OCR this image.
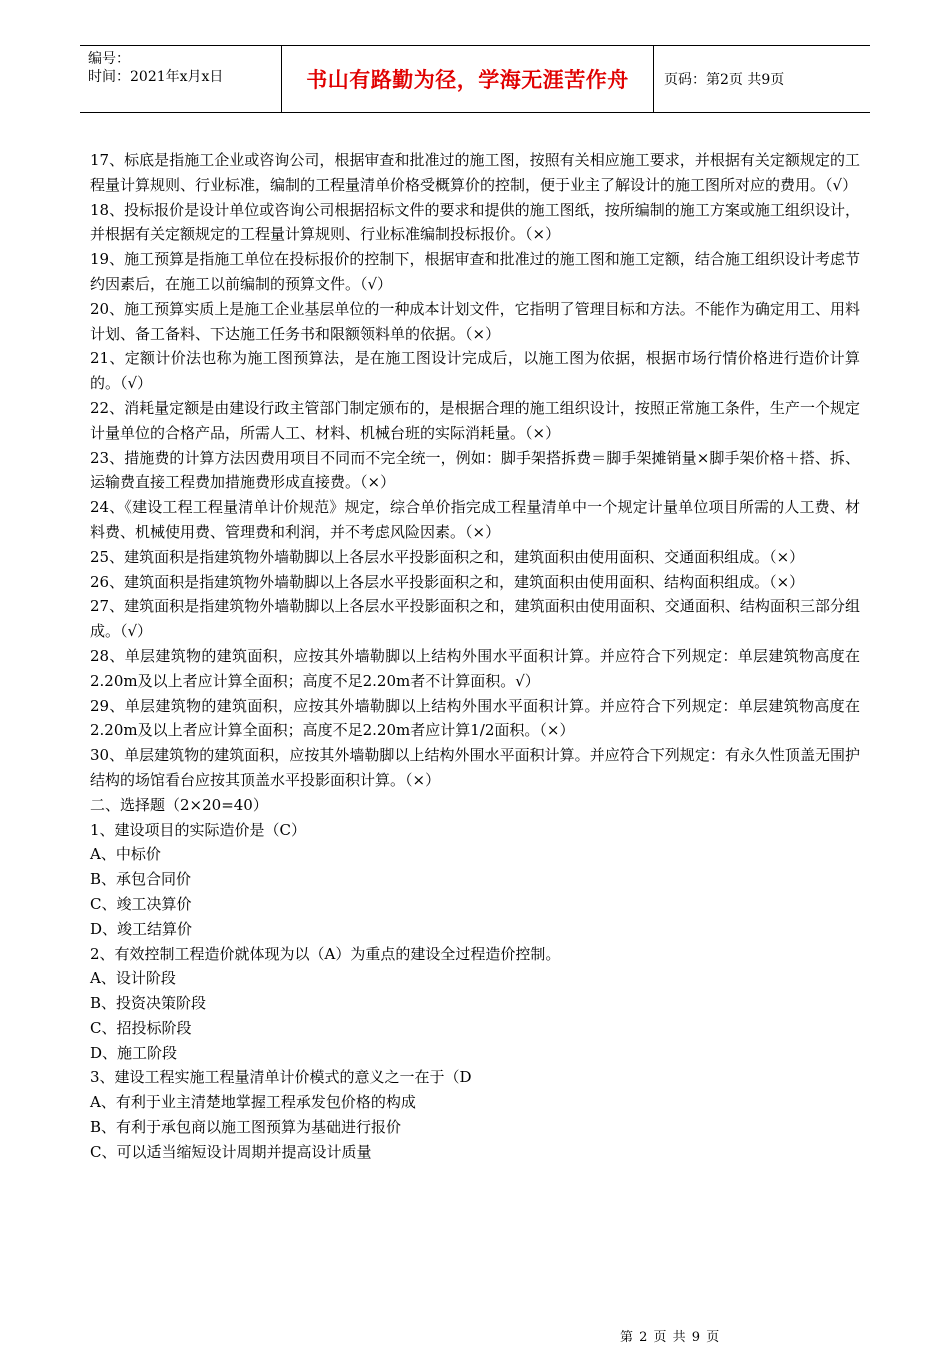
编号：
时间：2021年x月x日	书山有路勤为径，学海无涯苦作舟	页码：第2页 共9页

17、标底是指施工企业或咨询公司，根据审查和批准过的施工图，按照有关相应施工要求，并根据有关定额规定的工程量计算规则、行业标准，编制的工程量清单价格受概算价的控制，便于业主了解设计的施工图所对应的费用。（√）

18、投标报价是设计单位或咨询公司根据招标文件的要求和提供的施工图纸，按所编制的施工方案或施工组织设计，并根据有关定额规定的工程量计算规则、行业标准编制投标报价。（×）

19、施工预算是指施工单位在投标报价的控制下，根据审查和批准过的施工图和施工定额，结合施工组织设计考虑节约因素后，在施工以前编制的预算文件。（√）

20、施工预算实质上是施工企业基层单位的一种成本计划文件，它指明了管理目标和方法。不能作为确定用工、用料计划、备工备料、下达施工任务书和限额领料单的依据。（×）

21、定额计价法也称为施工图预算法，是在施工图设计完成后，以施工图为依据，根据市场行情价格进行造价计算的。（√）

22、消耗量定额是由建设行政主管部门制定颁布的，是根据合理的施工组织设计，按照正常施工条件，生产一个规定计量单位的合格产品，所需人工、材料、机械台班的实际消耗量。（×）

23、措施费的计算方法因费用项目不同而不完全统一，例如：脚手架搭拆费＝脚手架摊销量×脚手架价格＋搭、拆、运输费直接工程费加措施费形成直接费。（×）

24、《建设工程工程量清单计价规范》规定，综合单价指完成工程量清单中一个规定计量单位项目所需的人工费、材料费、机械使用费、管理费和利润，并不考虑风险因素。（×）

25、建筑面积是指建筑物外墙勒脚以上各层水平投影面积之和，建筑面积由使用面积、交通面积组成。（×）

26、建筑面积是指建筑物外墙勒脚以上各层水平投影面积之和，建筑面积由使用面积、结构面积组成。（×）

27、建筑面积是指建筑物外墙勒脚以上各层水平投影面积之和，建筑面积由使用面积、交通面积、结构面积三部分组成。（√）

28、单层建筑物的建筑面积，应按其外墙勒脚以上结构外围水平面积计算。并应符合下列规定：单层建筑物高度在2.20m及以上者应计算全面积；高度不足2.20m者不计算面积。√）

29、单层建筑物的建筑面积，应按其外墙勒脚以上结构外围水平面积计算。并应符合下列规定：单层建筑物高度在2.20m及以上者应计算全面积；高度不足2.20m者应计算1/2面积。（×）

30、单层建筑物的建筑面积，应按其外墙勒脚以上结构外围水平面积计算。并应符合下列规定：有永久性顶盖无围护结构的场馆看台应按其顶盖水平投影面积计算。（×）

二、选择题（2×20=40）

1、建设项目的实际造价是（C）

A、中标价

B、承包合同价

C、竣工决算价

D、竣工结算价

2、有效控制工程造价就体现为以（A）为重点的建设全过程造价控制。

A、设计阶段

B、投资决策阶段

C、招投标阶段

D、施工阶段

3、建设工程实施工程量清单计价模式的意义之一在于（D

A、有利于业主清楚地掌握工程承发包价格的构成

B、有利于承包商以施工图预算为基础进行报价

C、可以适当缩短设计周期并提高设计质量

第 2 页 共 9 页
